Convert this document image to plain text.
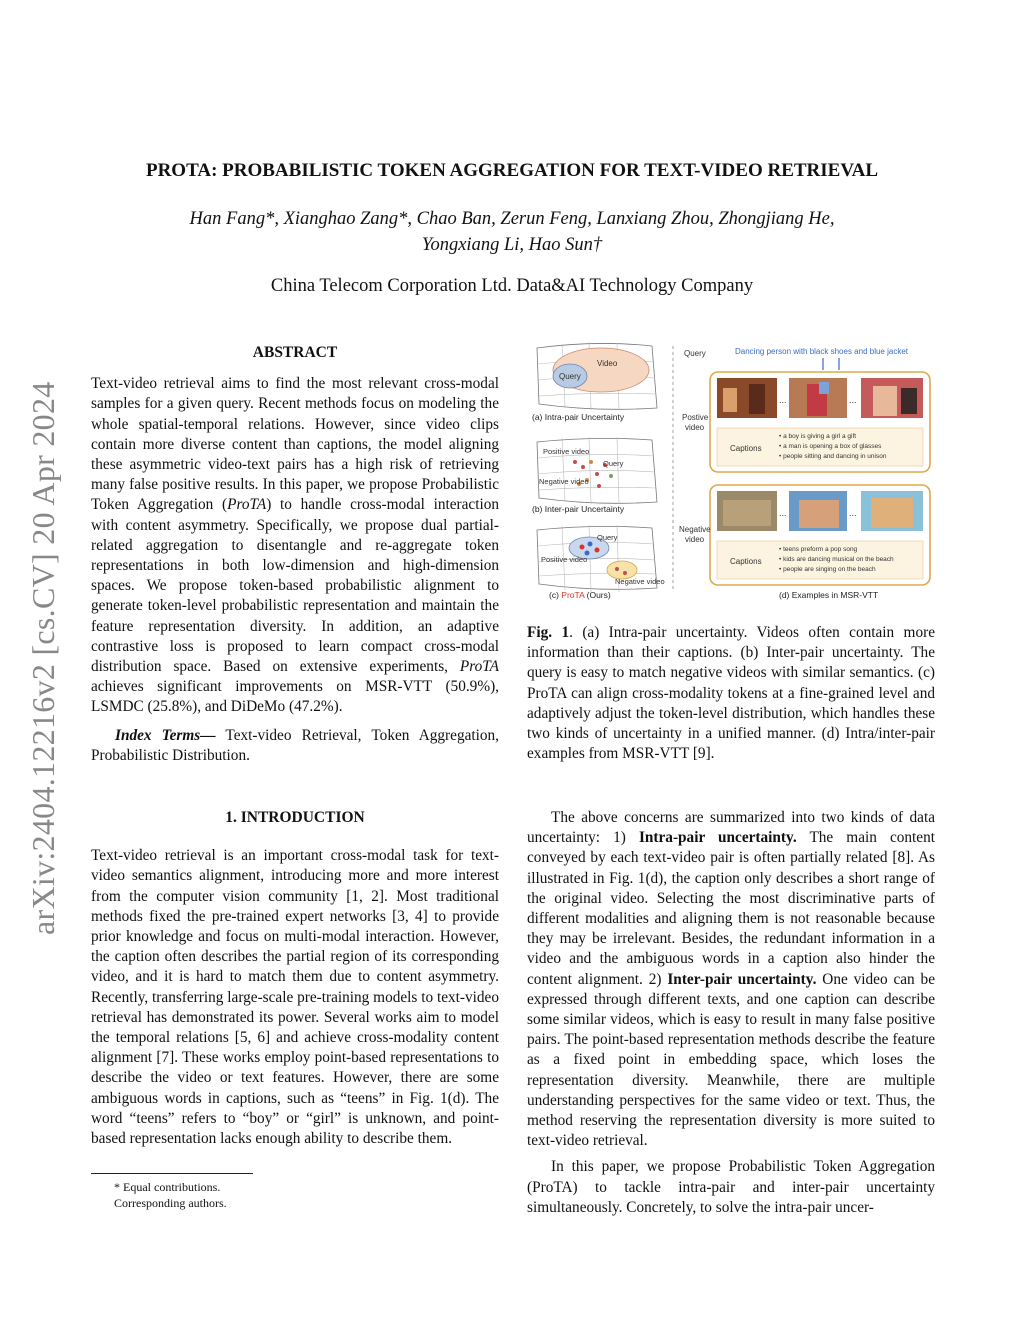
arXiv:2404.12216v2 [cs.CV] 20 Apr 2024
PROTA: PROBABILISTIC TOKEN AGGREGATION FOR TEXT-VIDEO RETRIEVAL
Han Fang*, Xianghao Zang*, Chao Ban, Zerun Feng, Lanxiang Zhou, Zhongjiang He,
Yongxiang Li, Hao Sun†
China Telecom Corporation Ltd. Data&AI Technology Company
ABSTRACT

Text-video retrieval aims to find the most relevant cross-modal samples for a given query. Recent methods focus on modeling the whole spatial-temporal relations. However, since video clips contain more diverse content than captions, the model aligning these asymmetric video-text pairs has a high risk of retrieving many false positive results. In this paper, we propose Probabilistic Token Aggregation (ProTA) to handle cross-modal interaction with content asymmetry. Specifically, we propose dual partial-related aggregation to disentangle and re-aggregate token representations in both low-dimension and high-dimension spaces. We propose token-based probabilistic alignment to generate token-level probabilistic representation and maintain the feature representation diversity. In addition, an adaptive contrastive loss is proposed to learn compact cross-modal distribution space. Based on extensive experiments, ProTA achieves significant improvements on MSR-VTT (50.9%), LSMDC (25.8%), and DiDeMo (47.2%).

Index Terms— Text-video Retrieval, Token Aggregation, Probabilistic Distribution.

1. INTRODUCTION

Text-video retrieval is an important cross-modal task for text-video semantics alignment, introducing more and more interest from the computer vision community [1, 2]. Most traditional methods fixed the pre-trained expert networks [3, 4] to provide prior knowledge and focus on multi-modal interaction. However, the caption often describes the partial region of its corresponding video, and it is hard to match them due to content asymmetry. Recently, transferring large-scale pre-training models to text-video retrieval has demonstrated its power. Several works aim to model the temporal relations [5, 6] and achieve cross-modality content alignment [7]. These works employ point-based representations to describe the video or text features. However, there are some ambiguous words in captions, such as “teens” in Fig. 1(d). The word “teens” refers to “boy” or “girl” is unknown, and point-based representation lacks enough ability to describe them.

* Equal contributions.
Corresponding authors.
Video
Query
(a) Intra-pair Uncertainty
Positive video
Negative video
Query
(b) Inter-pair Uncertainty
Query
Positive video
Negative video
(c) ProTA (Ours)
Query	Dancing person with black shoes and blue jacket
Postive
video
...	...
Captions
• a boy is giving a girl a gift
• a man is opening a box of glasses
• people sitting and dancing in unison
Negative
video
...	...
Captions
• teens preform a pop song
• kids are dancing musical on the beach
• people are singing on the beach
(d) Examples in MSR-VTT

Fig. 1. (a) Intra-pair uncertainty. Videos often contain more information than their captions. (b) Inter-pair uncertainty. The query is easy to match negative videos with similar semantics. (c) ProTA can align cross-modality tokens at a fine-grained level and adaptively adjust the token-level distribution, which handles these two kinds of uncertainty in a unified manner. (d) Intra/inter-pair examples from MSR-VTT [9].

The above concerns are summarized into two kinds of data uncertainty: 1) Intra-pair uncertainty. The main content conveyed by each text-video pair is often partially related [8]. As illustrated in Fig. 1(d), the caption only describes a short range of the original video. Selecting the most discriminative parts of different modalities and aligning them is not reasonable because they may be irrelevant. Besides, the redundant information in a video and the ambiguous words in a caption also hinder the content alignment. 2) Inter-pair uncertainty. One video can be expressed through different texts, and one caption can describe some similar videos, which is easy to result in many false positive pairs. The point-based representation methods describe the feature as a fixed point in embedding space, which loses the representation diversity. Meanwhile, there are multiple understanding perspectives for the same video or text. Thus, the method reserving the representation diversity is more suited to text-video retrieval.

In this paper, we propose Probabilistic Token Aggregation (ProTA) to tackle intra-pair and inter-pair uncertainty simultaneously. Concretely, to solve the intra-pair uncer-
